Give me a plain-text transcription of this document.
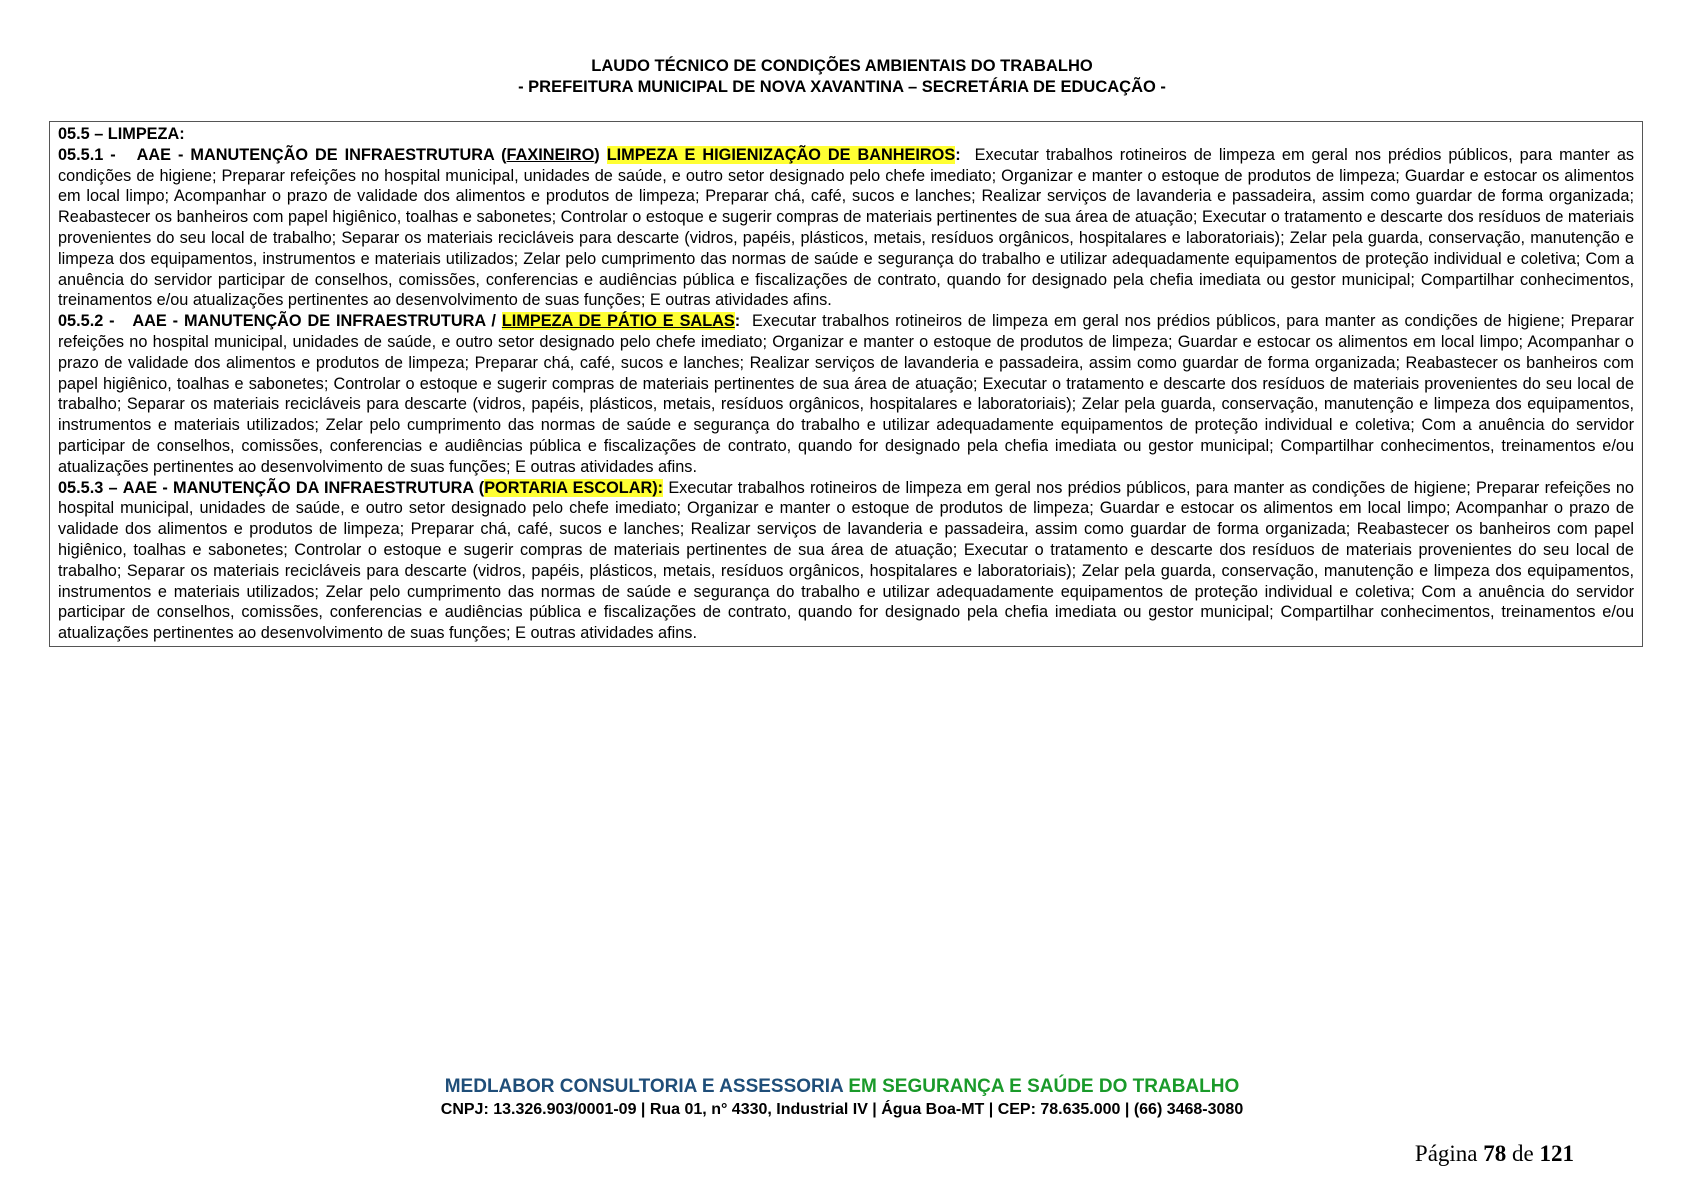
LAUDO TÉCNICO DE CONDIÇÕES AMBIENTAIS DO TRABALHO
- PREFEITURA MUNICIPAL DE NOVA XAVANTINA – SECRETÁRIA DE EDUCAÇÃO -

05.5 – LIMPEZA:

05.5.1 - AAE - MANUTENÇÃO DE INFRAESTRUTURA (FAXINEIRO) LIMPEZA E HIGIENIZAÇÃO DE BANHEIROS: Executar trabalhos rotineiros de limpeza em geral nos prédios públicos, para manter as condições de higiene; Preparar refeições no hospital municipal, unidades de saúde, e outro setor designado pelo chefe imediato; Organizar e manter o estoque de produtos de limpeza; Guardar e estocar os alimentos em local limpo; Acompanhar o prazo de validade dos alimentos e produtos de limpeza; Preparar chá, café, sucos e lanches; Realizar serviços de lavanderia e passadeira, assim como guardar de forma organizada; Reabastecer os banheiros com papel higiênico, toalhas e sabonetes; Controlar o estoque e sugerir compras de materiais pertinentes de sua área de atuação; Executar o tratamento e descarte dos resíduos de materiais provenientes do seu local de trabalho; Separar os materiais recicláveis para descarte (vidros, papéis, plásticos, metais, resíduos orgânicos, hospitalares e laboratoriais); Zelar pela guarda, conservação, manutenção e limpeza dos equipamentos, instrumentos e materiais utilizados; Zelar pelo cumprimento das normas de saúde e segurança do trabalho e utilizar adequadamente equipamentos de proteção individual e coletiva; Com a anuência do servidor participar de conselhos, comissões, conferencias e audiências pública e fiscalizações de contrato, quando for designado pela chefia imediata ou gestor municipal; Compartilhar conhecimentos, treinamentos e/ou atualizações pertinentes ao desenvolvimento de suas funções; E outras atividades afins.

05.5.2 - AAE - MANUTENÇÃO DE INFRAESTRUTURA / LIMPEZA DE PÁTIO E SALAS: Executar trabalhos rotineiros de limpeza em geral nos prédios públicos, para manter as condições de higiene; Preparar refeições no hospital municipal, unidades de saúde, e outro setor designado pelo chefe imediato; Organizar e manter o estoque de produtos de limpeza; Guardar e estocar os alimentos em local limpo; Acompanhar o prazo de validade dos alimentos e produtos de limpeza; Preparar chá, café, sucos e lanches; Realizar serviços de lavanderia e passadeira, assim como guardar de forma organizada; Reabastecer os banheiros com papel higiênico, toalhas e sabonetes; Controlar o estoque e sugerir compras de materiais pertinentes de sua área de atuação; Executar o tratamento e descarte dos resíduos de materiais provenientes do seu local de trabalho; Separar os materiais recicláveis para descarte (vidros, papéis, plásticos, metais, resíduos orgânicos, hospitalares e laboratoriais); Zelar pela guarda, conservação, manutenção e limpeza dos equipamentos, instrumentos e materiais utilizados; Zelar pelo cumprimento das normas de saúde e segurança do trabalho e utilizar adequadamente equipamentos de proteção individual e coletiva; Com a anuência do servidor participar de conselhos, comissões, conferencias e audiências pública e fiscalizações de contrato, quando for designado pela chefia imediata ou gestor municipal; Compartilhar conhecimentos, treinamentos e/ou atualizações pertinentes ao desenvolvimento de suas funções; E outras atividades afins.

05.5.3 – AAE - MANUTENÇÃO DA INFRAESTRUTURA (PORTARIA ESCOLAR): Executar trabalhos rotineiros de limpeza em geral nos prédios públicos, para manter as condições de higiene; Preparar refeições no hospital municipal, unidades de saúde, e outro setor designado pelo chefe imediato; Organizar e manter o estoque de produtos de limpeza; Guardar e estocar os alimentos em local limpo; Acompanhar o prazo de validade dos alimentos e produtos de limpeza; Preparar chá, café, sucos e lanches; Realizar serviços de lavanderia e passadeira, assim como guardar de forma organizada; Reabastecer os banheiros com papel higiênico, toalhas e sabonetes; Controlar o estoque e sugerir compras de materiais pertinentes de sua área de atuação; Executar o tratamento e descarte dos resíduos de materiais provenientes do seu local de trabalho; Separar os materiais recicláveis para descarte (vidros, papéis, plásticos, metais, resíduos orgânicos, hospitalares e laboratoriais); Zelar pela guarda, conservação, manutenção e limpeza dos equipamentos, instrumentos e materiais utilizados; Zelar pelo cumprimento das normas de saúde e segurança do trabalho e utilizar adequadamente equipamentos de proteção individual e coletiva; Com a anuência do servidor participar de conselhos, comissões, conferencias e audiências pública e fiscalizações de contrato, quando for designado pela chefia imediata ou gestor municipal; Compartilhar conhecimentos, treinamentos e/ou atualizações pertinentes ao desenvolvimento de suas funções; E outras atividades afins.

MEDLABOR CONSULTORIA E ASSESSORIA EM SEGURANÇA E SAÚDE DO TRABALHO
CNPJ: 13.326.903/0001-09 | Rua 01, n° 4330, Industrial IV | Água Boa-MT | CEP: 78.635.000 | (66) 3468-3080
Página 78 de 121
